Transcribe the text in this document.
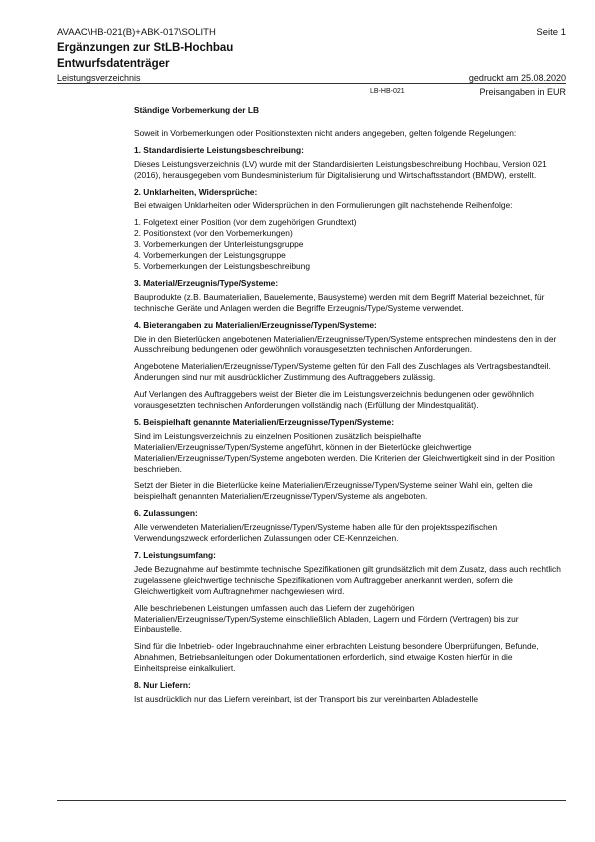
AVAAC\HB-021(B)+ABK-017\SOLITH	Seite 1
Ergänzungen zur StLB-Hochbau
Entwurfsdatenträger
Leistungsverzeichnis	gedruckt am 25.08.2020
LB-HB-021	Preisangaben in EUR

Ständige Vorbemerkung der LB

Soweit in Vorbemerkungen oder Positionstexten nicht anders angegeben, gelten folgende Regelungen:

1. Standardisierte Leistungsbeschreibung:

Dieses Leistungsverzeichnis (LV) wurde mit der Standardisierten Leistungsbeschreibung Hochbau, Version 021 (2016), herausgegeben vom Bundesministerium für Digitalisierung und Wirtschaftsstandort (BMDW), erstellt.

2. Unklarheiten, Widersprüche:

Bei etwaigen Unklarheiten oder Widersprüchen in den Formulierungen gilt nachstehende Reihenfolge:

1. Folgetext einer Position (vor dem zugehörigen Grundtext)
2. Positionstext (vor den Vorbemerkungen)
3. Vorbemerkungen der Unterleistungsgruppe
4. Vorbemerkungen der Leistungsgruppe
5. Vorbemerkungen der Leistungsbeschreibung
3. Material/Erzeugnis/Type/Systeme:

Bauprodukte (z.B. Baumaterialien, Bauelemente, Bausysteme) werden mit dem Begriff Material bezeichnet, für technische Geräte und Anlagen werden die Begriffe Erzeugnis/Type/Systeme verwendet.

4. Bieterangaben zu Materialien/Erzeugnisse/Typen/Systeme:

Die in den Bieterlücken angebotenen Materialien/Erzeugnisse/Typen/Systeme entsprechen mindestens den in der Ausschreibung bedungenen oder gewöhnlich vorausgesetzten technischen Anforderungen.

Angebotene Materialien/Erzeugnisse/Typen/Systeme gelten für den Fall des Zuschlages als Vertragsbestandteil. Änderungen sind nur mit ausdrücklicher Zustimmung des Auftraggebers zulässig.

Auf Verlangen des Auftraggebers weist der Bieter die im Leistungsverzeichnis bedungenen oder gewöhnlich vorausgesetzten technischen Anforderungen vollständig nach (Erfüllung der Mindestqualität).

5. Beispielhaft genannte Materialien/Erzeugnisse/Typen/Systeme:

Sind im Leistungsverzeichnis zu einzelnen Positionen zusätzlich beispielhafte Materialien/Erzeugnisse/Typen/Systeme angeführt, können in der Bieterlücke gleichwertige Materialien/Erzeugnisse/Typen/Systeme angeboten werden. Die Kriterien der Gleichwertigkeit sind in der Position beschrieben.

Setzt der Bieter in die Bieterlücke keine Materialien/Erzeugnisse/Typen/Systeme seiner Wahl ein, gelten die beispielhaft genannten Materialien/Erzeugnisse/Typen/Systeme als angeboten.

6. Zulassungen:

Alle verwendeten Materialien/Erzeugnisse/Typen/Systeme haben alle für den projektsspezifischen Verwendungszweck erforderlichen Zulassungen oder CE-Kennzeichen.

7. Leistungsumfang:

Jede Bezugnahme auf bestimmte technische Spezifikationen gilt grundsätzlich mit dem Zusatz, dass auch rechtlich zugelassene gleichwertige technische Spezifikationen vom Auftraggeber anerkannt werden, sofern die Gleichwertigkeit vom Auftragnehmer nachgewiesen wird.

Alle beschriebenen Leistungen umfassen auch das Liefern der zugehörigen Materialien/Erzeugnisse/Typen/Systeme einschließlich Abladen, Lagern und Fördern (Vertragen) bis zur Einbaustelle.

Sind für die Inbetrieb- oder Ingebrauchnahme einer erbrachten Leistung besondere Überprüfungen, Befunde, Abnahmen, Betriebsanleitungen oder Dokumentationen erforderlich, sind etwaige Kosten hierfür in die Einheitspreise einkalkuliert.

8. Nur Liefern:

Ist ausdrücklich nur das Liefern vereinbart, ist der Transport bis zur vereinbarten Abladestelle
